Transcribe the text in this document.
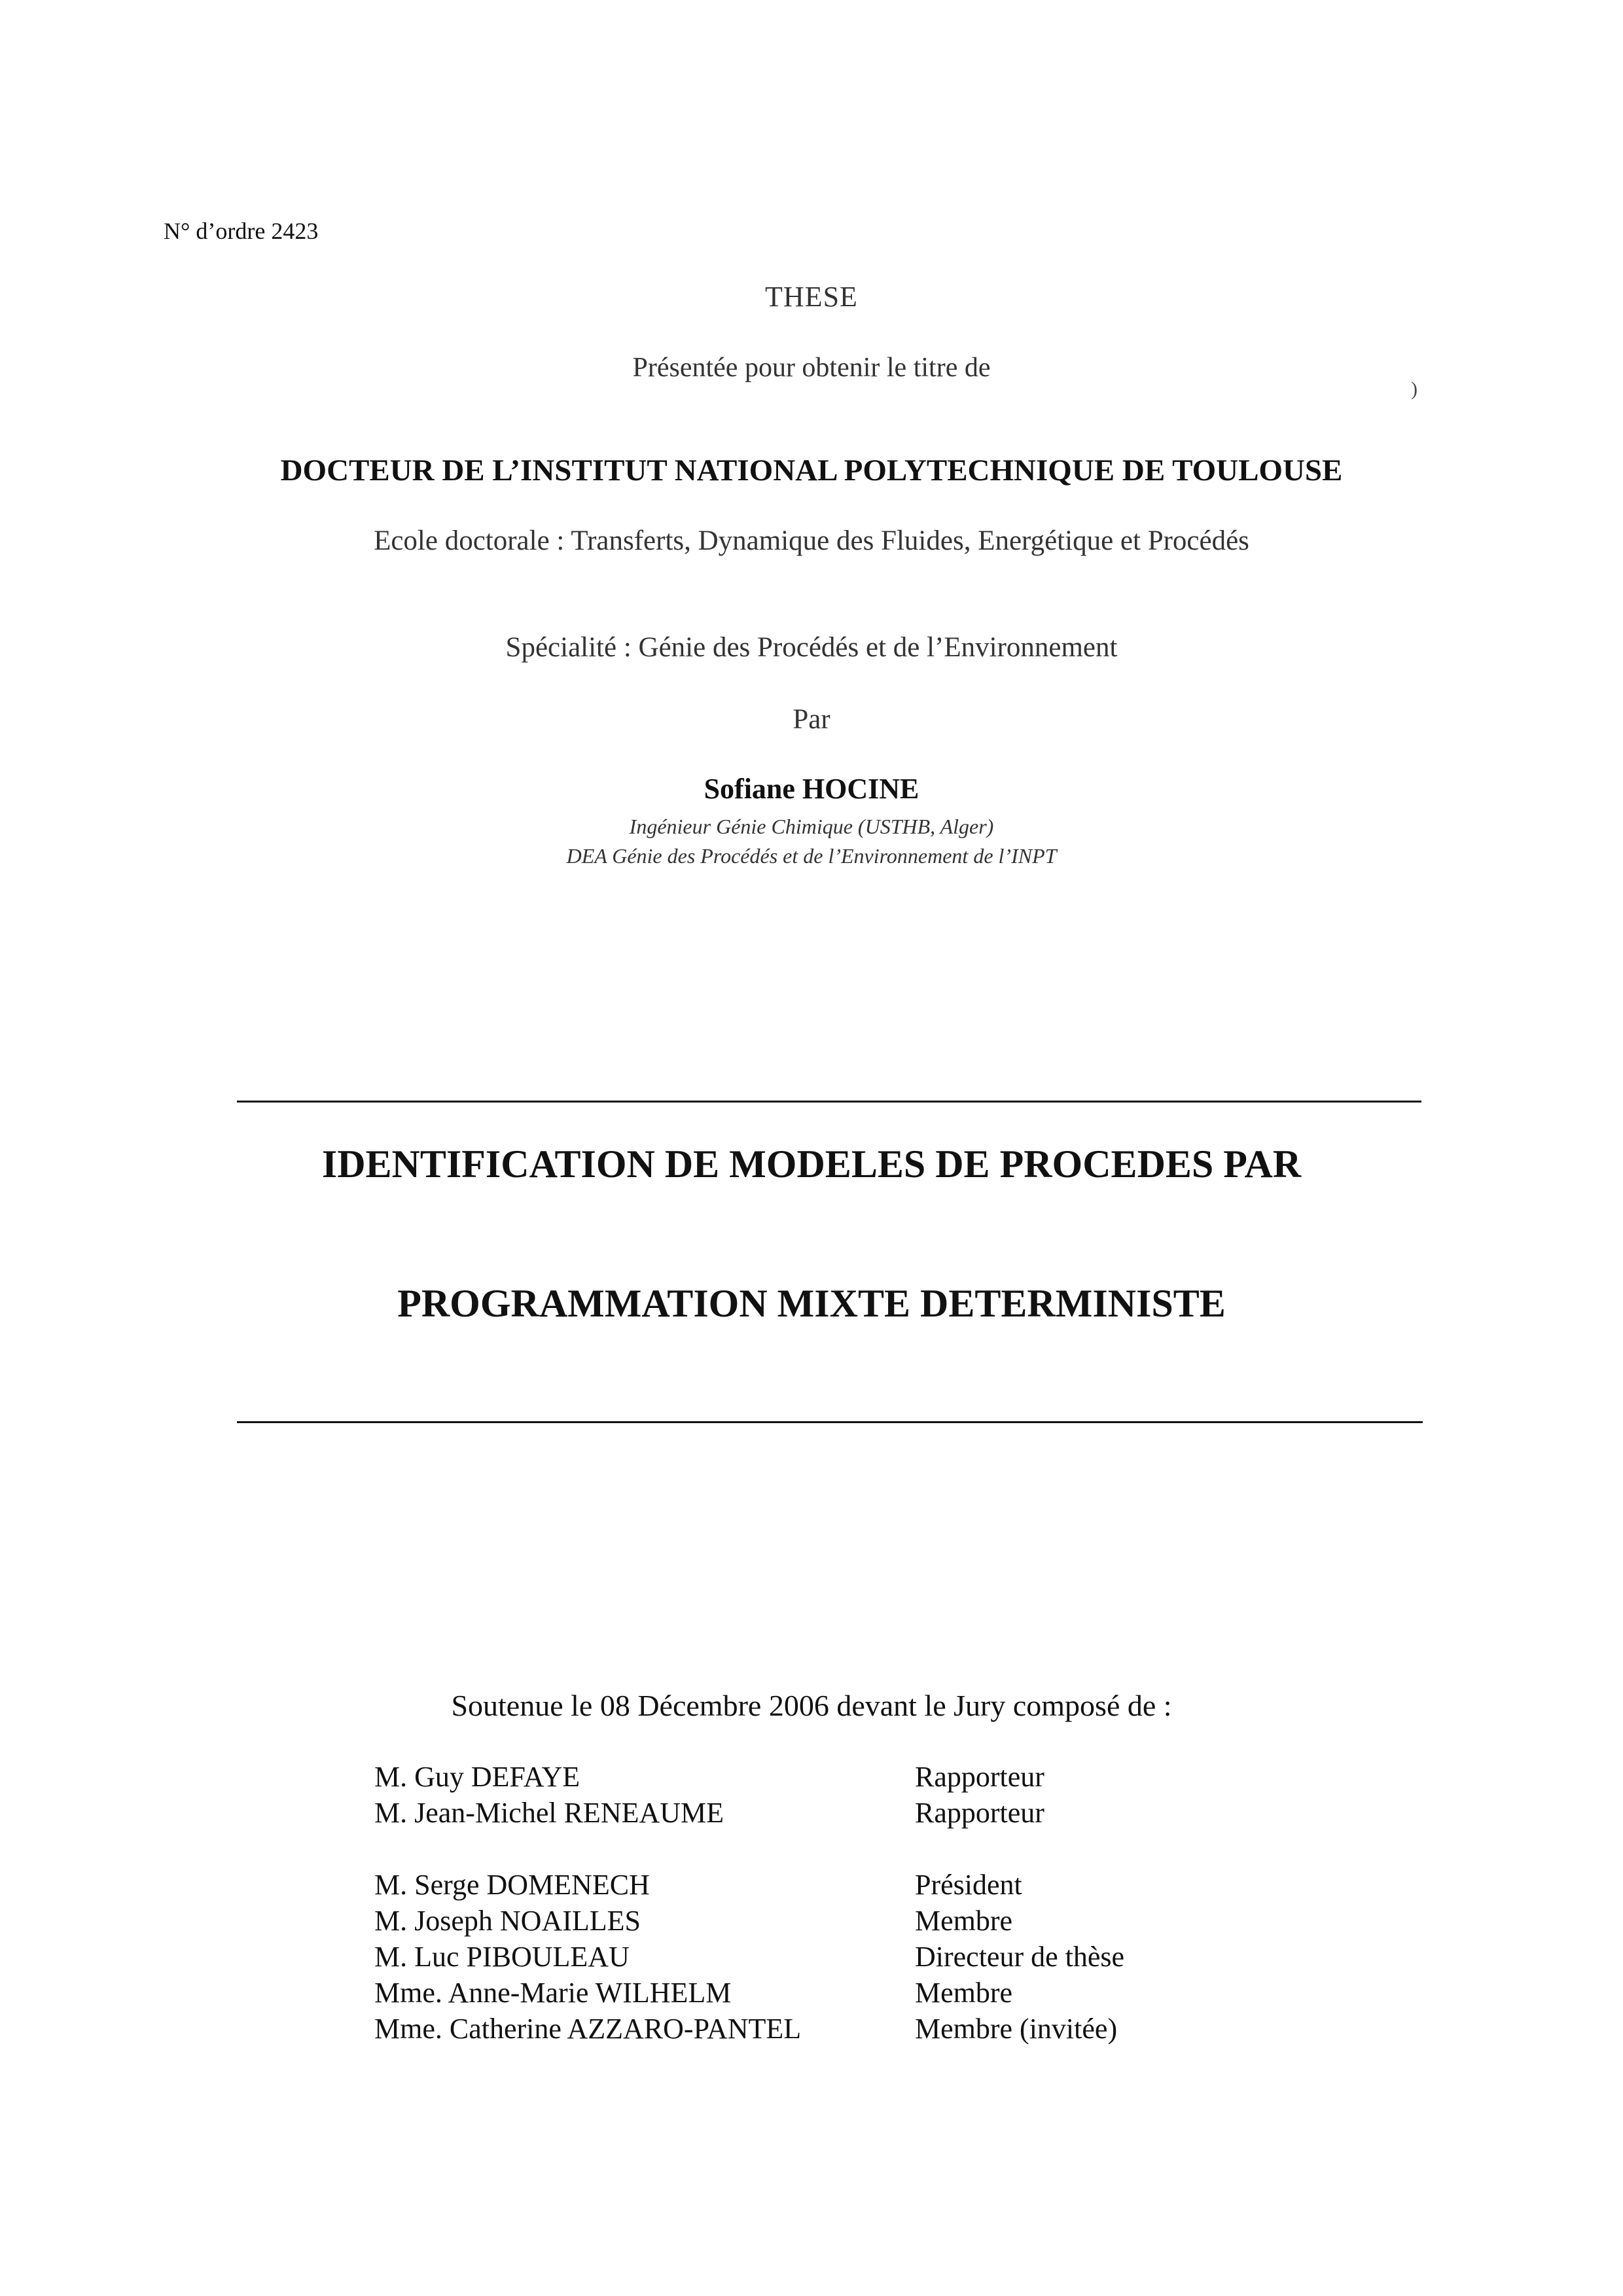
N° d’ordre 2423
THESE
Présentée pour obtenir le titre de
)
DOCTEUR DE L’INSTITUT NATIONAL POLYTECHNIQUE DE TOULOUSE
Ecole doctorale : Transferts, Dynamique des Fluides, Energétique et Procédés
Spécialité : Génie des Procédés et de l’Environnement
Par
Sofiane HOCINE
Ingénieur Génie Chimique (USTHB, Alger)
DEA Génie des Procédés et de l’Environnement de l’INPT
IDENTIFICATION DE MODELES DE PROCEDES PAR
PROGRAMMATION MIXTE DETERMINISTE
Soutenue le 08 Décembre 2006 devant le Jury composé de :
M. Guy DEFAYE	Rapporteur
M. Jean-Michel RENEAUME	Rapporteur
M. Serge DOMENECH	Président
M. Joseph NOAILLES	Membre
M. Luc PIBOULEAU	Directeur de thèse
Mme. Anne-Marie WILHELM	Membre
Mme. Catherine AZZARO-PANTEL	Membre (invitée)
